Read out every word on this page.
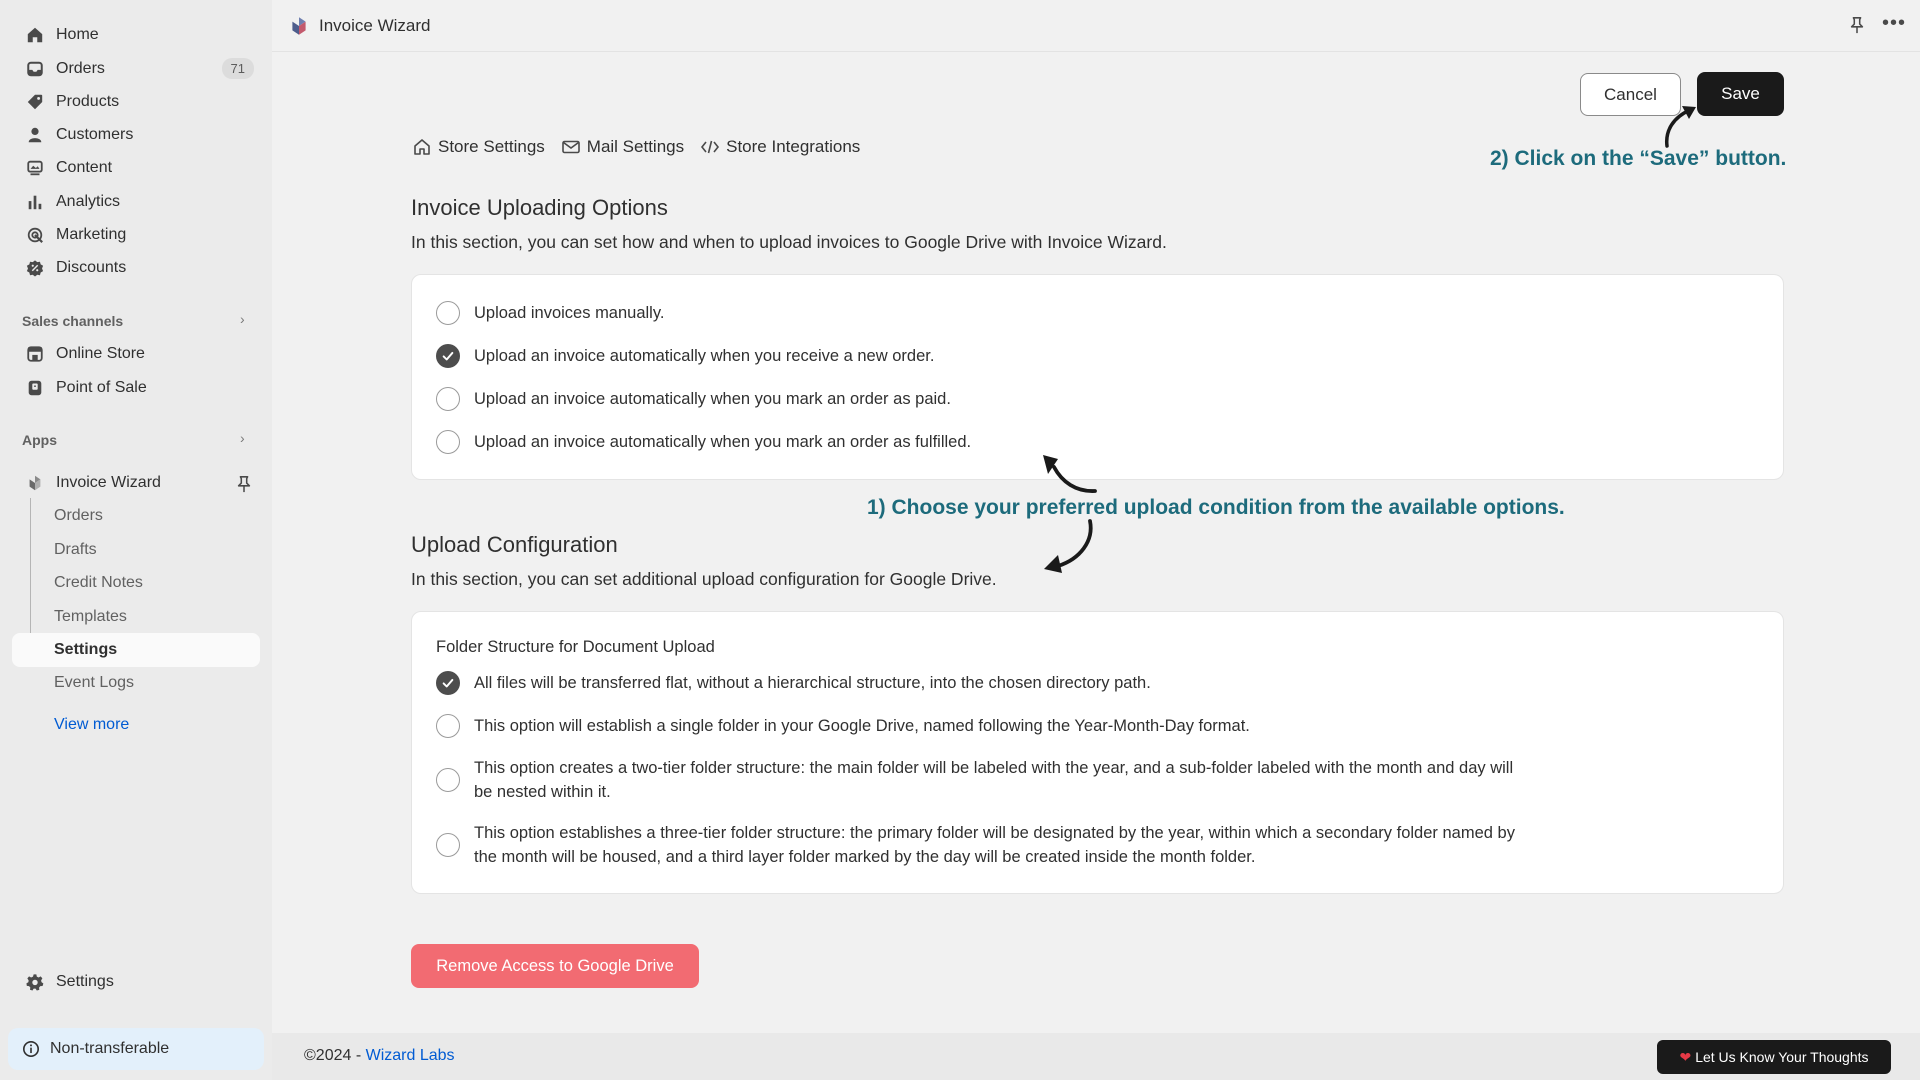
Home
Orders	71
Products
Customers
Content
Analytics
Marketing
Discounts
Sales channels	›
Online Store
Point of Sale
Apps	›
Invoice Wizard
Orders
Drafts
Credit Notes
Templates
Settings
Event Logs
View more
Settings
Non-transferable
Invoice Wizard	•••
Cancel	Save
2) Click on the “Save” button.
Store Settings Mail Settings Store Integrations
Invoice Uploading Options
In this section, you can set how and when to upload invoices to Google Drive with Invoice Wizard.
Upload invoices manually.
Upload an invoice automatically when you receive a new order.
Upload an invoice automatically when you mark an order as paid.
Upload an invoice automatically when you mark an order as fulfilled.
1) Choose your preferred upload condition from the available options.
Upload Configuration
In this section, you can set additional upload configuration for Google Drive.
Folder Structure for Document Upload
All files will be transferred flat, without a hierarchical structure, into the chosen directory path.
This option will establish a single folder in your Google Drive, named following the Year-Month-Day format.
This option creates a two-tier folder structure: the main folder will be labeled with the year, and a sub-folder labeled with the month and day will be nested within it.
This option establishes a three-tier folder structure: the primary folder will be designated by the year, within which a secondary folder named by the month will be housed, and a third layer folder marked by the day will be created inside the month folder.
Remove Access to Google Drive
©2024 - Wizard Labs	❤ Let Us Know Your Thoughts
